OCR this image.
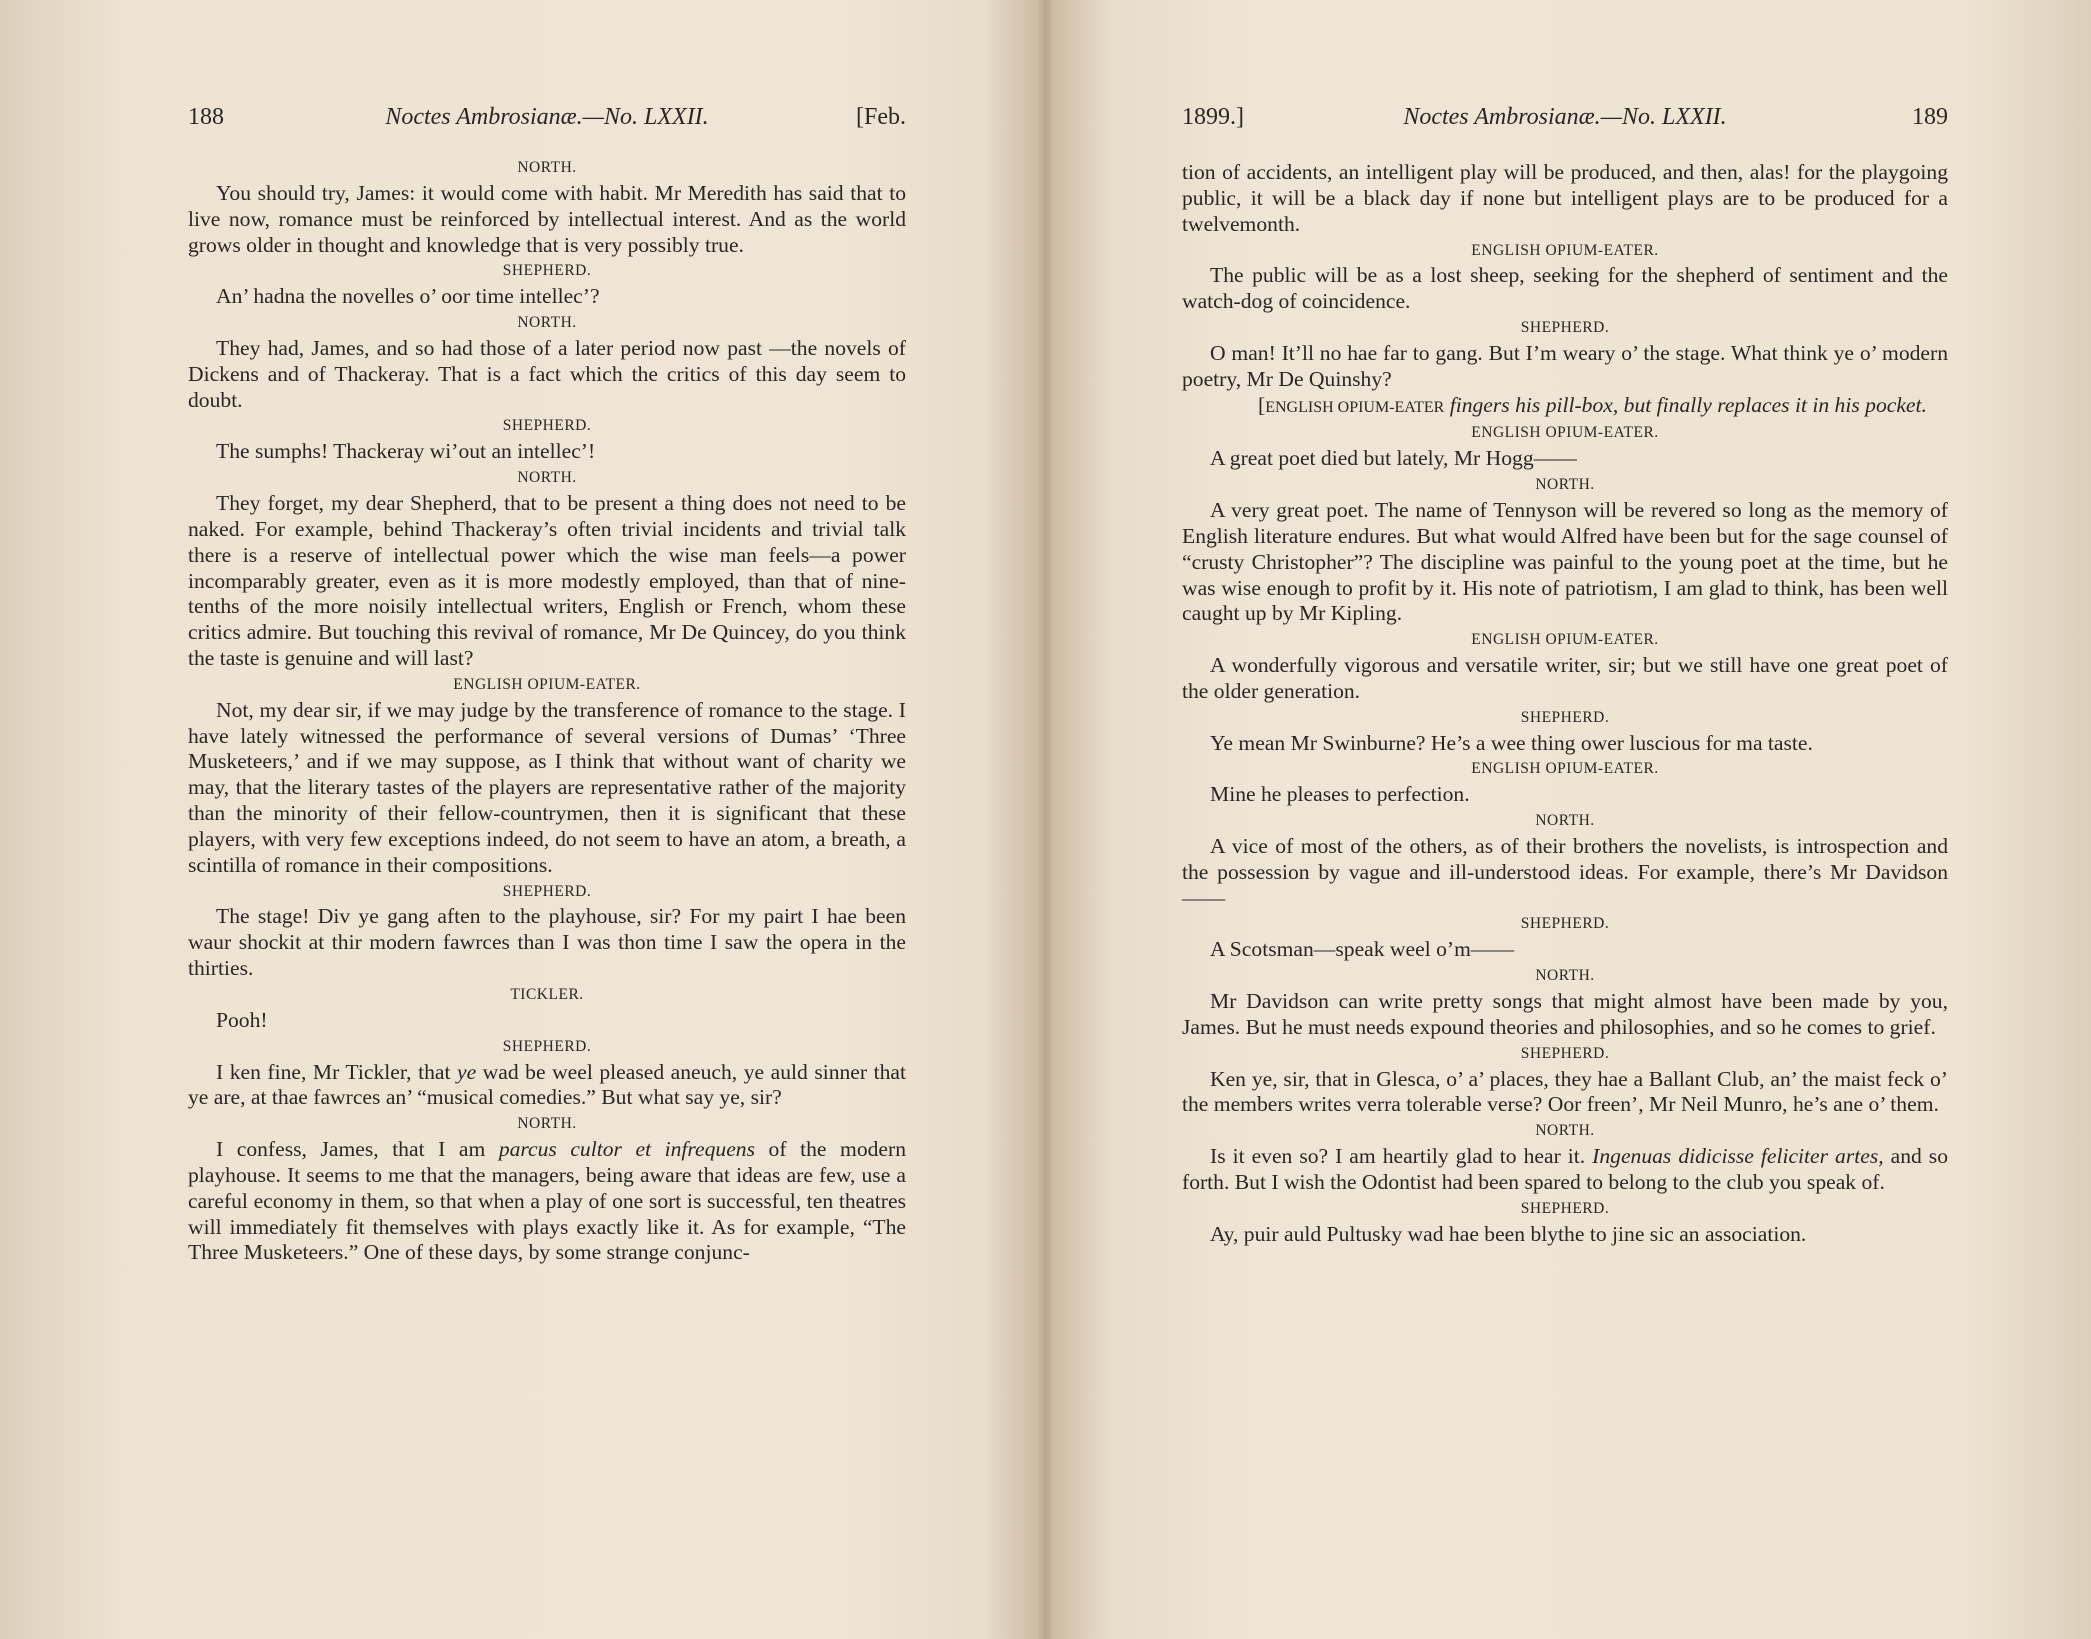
188	Noctes Ambrosianæ.—No. LXXII.	[Feb.
NORTH.

You should try, James: it would come with habit. Mr Meredith has said that to live now, romance must be reinforced by intellectual interest. And as the world grows older in thought and knowledge that is very possibly true.

SHEPHERD.

An’ hadna the novelles o’ oor time intellec’?

NORTH.

They had, James, and so had those of a later period now past —the novels of Dickens and of Thackeray. That is a fact which the critics of this day seem to doubt.

SHEPHERD.

The sumphs! Thackeray wi’out an intellec’!

NORTH.

They forget, my dear Shepherd, that to be present a thing does not need to be naked. For example, behind Thackeray’s often trivial incidents and trivial talk there is a reserve of intellectual power which the wise man feels—a power incomparably greater, even as it is more modestly employed, than that of nine-tenths of the more noisily intellectual writers, English or French, whom these critics admire. But touching this revival of romance, Mr De Quincey, do you think the taste is genuine and will last?

ENGLISH OPIUM-EATER.

Not, my dear sir, if we may judge by the transference of romance to the stage. I have lately witnessed the performance of several versions of Dumas’ ‘Three Musketeers,’ and if we may suppose, as I think that without want of charity we may, that the literary tastes of the players are representative rather of the majority than the minority of their fellow-countrymen, then it is significant that these players, with very few exceptions indeed, do not seem to have an atom, a breath, a scintilla of romance in their compositions.

SHEPHERD.

The stage! Div ye gang aften to the playhouse, sir? For my pairt I hae been waur shockit at thir modern fawrces than I was thon time I saw the opera in the thirties.

TICKLER.

Pooh!

SHEPHERD.

I ken fine, Mr Tickler, that ye wad be weel pleased aneuch, ye auld sinner that ye are, at thae fawrces an’ “musical comedies.” But what say ye, sir?

NORTH.

I confess, James, that I am parcus cultor et infrequens of the modern playhouse. It seems to me that the managers, being aware that ideas are few, use a careful economy in them, so that when a play of one sort is successful, ten theatres will immediately fit themselves with plays exactly like it. As for example, “The Three Musketeers.” One of these days, by some strange conjunc-

1899.]	Noctes Ambrosianæ.—No. LXXII.	189

tion of accidents, an intelligent play will be produced, and then, alas! for the playgoing public, it will be a black day if none but intelligent plays are to be produced for a twelvemonth.

ENGLISH OPIUM-EATER.

The public will be as a lost sheep, seeking for the shepherd of sentiment and the watch-dog of coincidence.

SHEPHERD.

O man! It’ll no hae far to gang. But I’m weary o’ the stage. What think ye o’ modern poetry, Mr De Quinshy?

[ENGLISH OPIUM-EATER fingers his pill-box, but finally replaces it in his pocket.

ENGLISH OPIUM-EATER.

A great poet died but lately, Mr Hogg——

NORTH.

A very great poet. The name of Tennyson will be revered so long as the memory of English literature endures. But what would Alfred have been but for the sage counsel of “crusty Christopher”? The discipline was painful to the young poet at the time, but he was wise enough to profit by it. His note of patriotism, I am glad to think, has been well caught up by Mr Kipling.

ENGLISH OPIUM-EATER.

A wonderfully vigorous and versatile writer, sir; but we still have one great poet of the older generation.

SHEPHERD.

Ye mean Mr Swinburne? He’s a wee thing ower luscious for ma taste.

ENGLISH OPIUM-EATER.

Mine he pleases to perfection.

NORTH.

A vice of most of the others, as of their brothers the novelists, is introspection and the possession by vague and ill-understood ideas. For example, there’s Mr Davidson——

SHEPHERD.

A Scotsman—speak weel o’m——

NORTH.

Mr Davidson can write pretty songs that might almost have been made by you, James. But he must needs expound theories and philosophies, and so he comes to grief.

SHEPHERD.

Ken ye, sir, that in Glesca, o’ a’ places, they hae a Ballant Club, an’ the maist feck o’ the members writes verra tolerable verse? Oor freen’, Mr Neil Munro, he’s ane o’ them.

NORTH.

Is it even so? I am heartily glad to hear it. Ingenuas didicisse feliciter artes, and so forth. But I wish the Odontist had been spared to belong to the club you speak of.

SHEPHERD.

Ay, puir auld Pultusky wad hae been blythe to jine sic an association.
